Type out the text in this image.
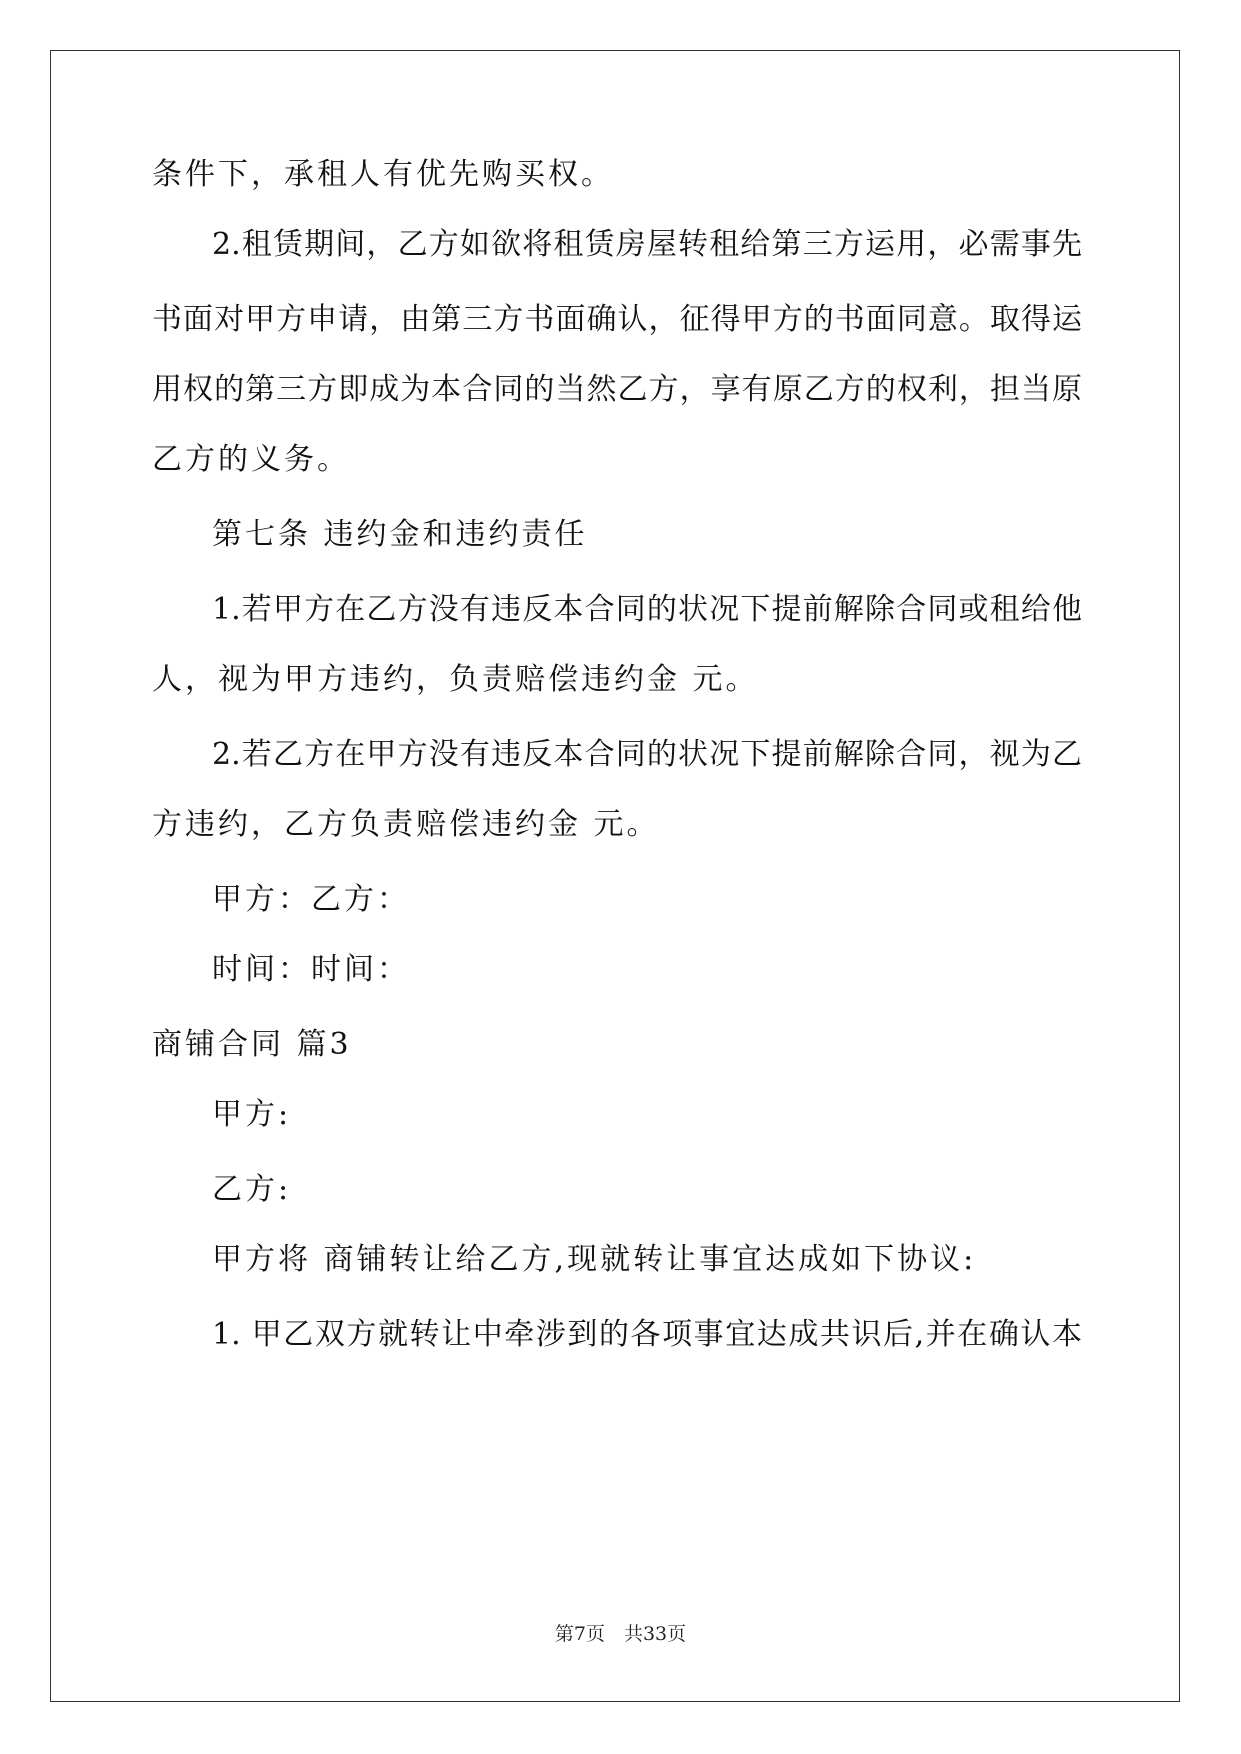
条件下，承租人有优先购买权。
2.租赁期间，乙方如欲将租赁房屋转租给第三方运用，必需事先
书面对甲方申请，由第三方书面确认，征得甲方的书面同意。取得运
用权的第三方即成为本合同的当然乙方，享有原乙方的权利，担当原
乙方的义务。
第七条 违约金和违约责任
1.若甲方在乙方没有违反本合同的状况下提前解除合同或租给他
人，视为甲方违约，负责赔偿违约金 元。
2.若乙方在甲方没有违反本合同的状况下提前解除合同，视为乙
方违约，乙方负责赔偿违约金 元。
甲方：乙方：
时间：时间：
商铺合同 篇3
甲方:
乙方:
甲方将 商铺转让给乙方,现就转让事宜达成如下协议:
1. 甲乙双方就转让中牵涉到的各项事宜达成共识后,并在确认本
第7页　共33页
